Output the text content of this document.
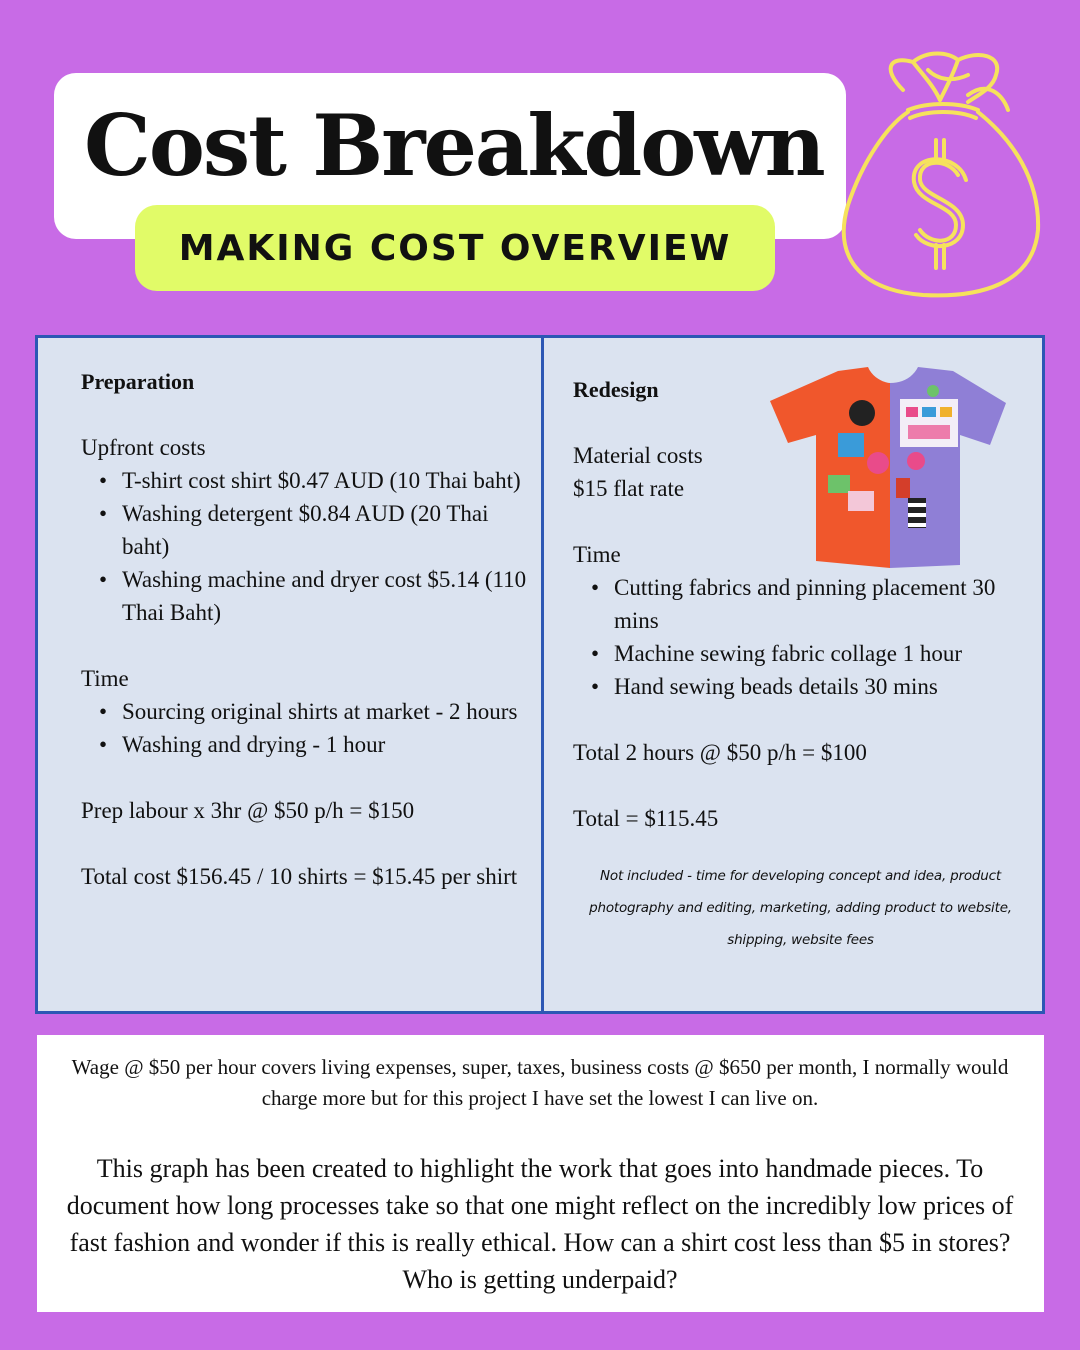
Cost Breakdown
MAKING COST OVERVIEW
Preparation
Upfront costs
• T-shirt cost shirt $0.47 AUD (10 Thai baht)
• Washing detergent $0.84 AUD (20 Thai baht)
• Washing machine and dryer cost $5.14 (110 Thai Baht)
Time
• Sourcing original shirts at market - 2 hours
• Washing and drying - 1 hour
Prep labour x 3hr @ $50 p/h = $150
Total cost $156.45 / 10 shirts = $15.45 per shirt
Redesign
Material costs
$15 flat rate
Time
• Cutting fabrics and pinning placement 30 mins
• Machine sewing fabric collage 1 hour
• Hand sewing beads details 30 mins
Total 2 hours @ $50 p/h = $100
Total = $115.45

Not included - time for developing concept and idea, product photography and editing, marketing, adding product to website, shipping, website fees

Wage @ $50 per hour covers living expenses, super, taxes, business costs @ $650 per month, I normally would charge more but for this project I have set the lowest I can live on.

This graph has been created to highlight the work that goes into handmade pieces. To document how long processes take so that one might reflect on the incredibly low prices of fast fashion and wonder if this is really ethical. How can a shirt cost less than $5 in stores? Who is getting underpaid?
